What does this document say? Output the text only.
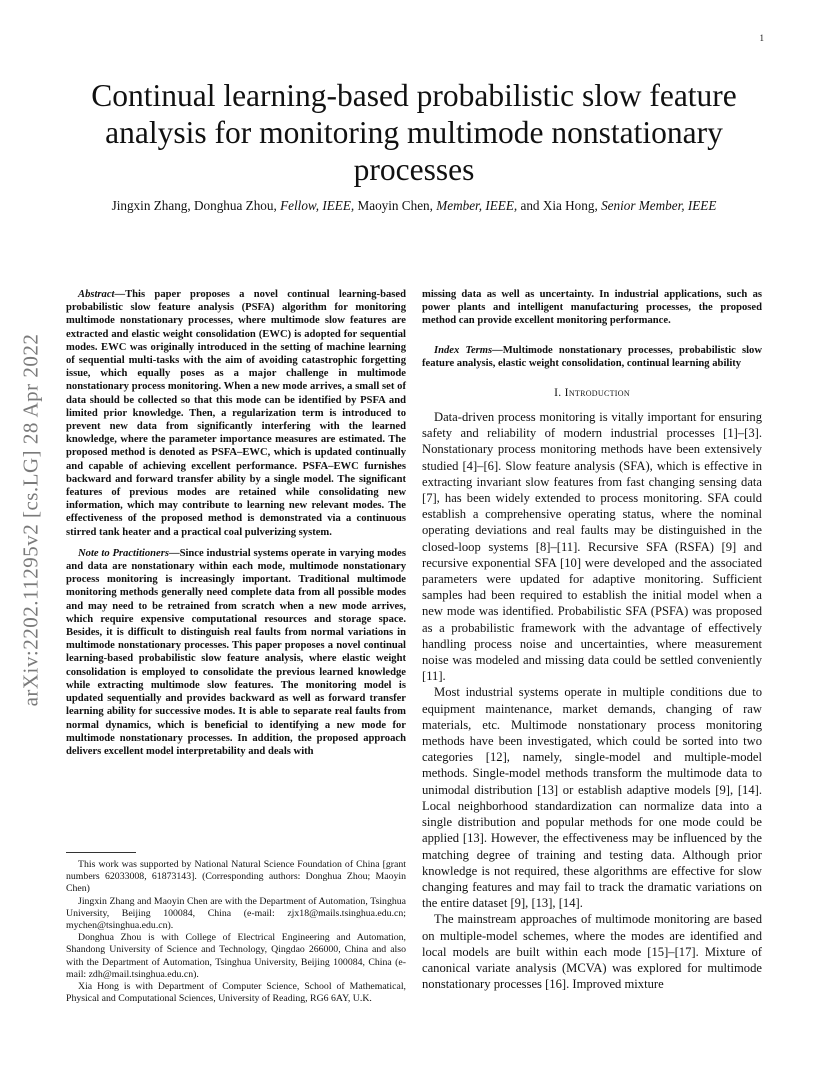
1
arXiv:2202.11295v2 [cs.LG] 28 Apr 2022
Continual learning-based probabilistic slow feature analysis for monitoring multimode nonstationary processes

Jingxin Zhang, Donghua Zhou, Fellow, IEEE, Maoyin Chen, Member, IEEE, and Xia Hong, Senior Member, IEEE

Abstract—This paper proposes a novel continual learning-based probabilistic slow feature analysis (PSFA) algorithm for monitoring multimode nonstationary processes, where multimode slow features are extracted and elastic weight consolidation (EWC) is adopted for sequential modes. EWC was originally introduced in the setting of machine learning of sequential multi-tasks with the aim of avoiding catastrophic forgetting issue, which equally poses as a major challenge in multimode nonstationary process monitoring. When a new mode arrives, a small set of data should be collected so that this mode can be identified by PSFA and limited prior knowledge. Then, a regularization term is introduced to prevent new data from significantly interfering with the learned knowledge, where the parameter importance measures are estimated. The proposed method is denoted as PSFA–EWC, which is updated continually and capable of achieving excellent performance. PSFA–EWC furnishes backward and forward transfer ability by a single model. The significant features of previous modes are retained while consolidating new information, which may contribute to learning new relevant modes. The effectiveness of the proposed method is demonstrated via a continuous stirred tank heater and a practical coal pulverizing system.

Note to Practitioners—Since industrial systems operate in varying modes and data are nonstationary within each mode, multimode nonstationary process monitoring is increasingly important. Traditional multimode monitoring methods generally need complete data from all possible modes and may need to be retrained from scratch when a new mode arrives, which require expensive computational resources and storage space. Besides, it is difficult to distinguish real faults from normal variations in multimode nonstationary processes. This paper proposes a novel continual learning-based probabilistic slow feature analysis, where elastic weight consolidation is employed to consolidate the previous learned knowledge while extracting multimode slow features. The monitoring model is updated sequentially and provides backward as well as forward transfer learning ability for successive modes. It is able to separate real faults from normal dynamics, which is beneficial to identifying a new mode for multimode nonstationary processes. In addition, the proposed approach delivers excellent model interpretability and deals with

This work was supported by National Natural Science Foundation of China [grant numbers 62033008, 61873143]. (Corresponding authors: Donghua Zhou; Maoyin Chen)

Jingxin Zhang and Maoyin Chen are with the Department of Automation, Tsinghua University, Beijing 100084, China (e-mail: zjx18@mails.tsinghua.edu.cn; mychen@tsinghua.edu.cn).

Donghua Zhou is with College of Electrical Engineering and Automation, Shandong University of Science and Technology, Qingdao 266000, China and also with the Department of Automation, Tsinghua University, Beijing 100084, China (e-mail: zdh@mail.tsinghua.edu.cn).

Xia Hong is with Department of Computer Science, School of Mathematical, Physical and Computational Sciences, University of Reading, RG6 6AY, U.K.

missing data as well as uncertainty. In industrial applications, such as power plants and intelligent manufacturing processes, the proposed method can provide excellent monitoring performance.

Index Terms—Multimode nonstationary processes, probabilistic slow feature analysis, elastic weight consolidation, continual learning ability

I. Introduction

Data-driven process monitoring is vitally important for ensuring safety and reliability of modern industrial processes [1]–[3]. Nonstationary process monitoring methods have been extensively studied [4]–[6]. Slow feature analysis (SFA), which is effective in extracting invariant slow features from fast changing sensing data [7], has been widely extended to process monitoring. SFA could establish a comprehensive operating status, where the nominal operating deviations and real faults may be distinguished in the closed-loop systems [8]–[11]. Recursive SFA (RSFA) [9] and recursive exponential SFA [10] were developed and the associated parameters were updated for adaptive monitoring. Sufficient samples had been required to establish the initial model when a new mode was identified. Probabilistic SFA (PSFA) was proposed as a probabilistic framework with the advantage of effectively handling process noise and uncertainties, where measurement noise was modeled and missing data could be settled conveniently [11].

Most industrial systems operate in multiple conditions due to equipment maintenance, market demands, changing of raw materials, etc. Multimode nonstationary process monitoring methods have been investigated, which could be sorted into two categories [12], namely, single-model and multiple-model methods. Single-model methods transform the multimode data to unimodal distribution [13] or establish adaptive models [9], [14]. Local neighborhood standardization can normalize data into a single distribution and popular methods for one mode could be applied [13]. However, the effectiveness may be influenced by the matching degree of training and testing data. Although prior knowledge is not required, these algorithms are effective for slow changing features and may fail to track the dramatic variations on the entire dataset [9], [13], [14].

The mainstream approaches of multimode monitoring are based on multiple-model schemes, where the modes are identified and local models are built within each mode [15]–[17]. Mixture of canonical variate analysis (MCVA) was explored for multimode nonstationary processes [16]. Improved mixture
